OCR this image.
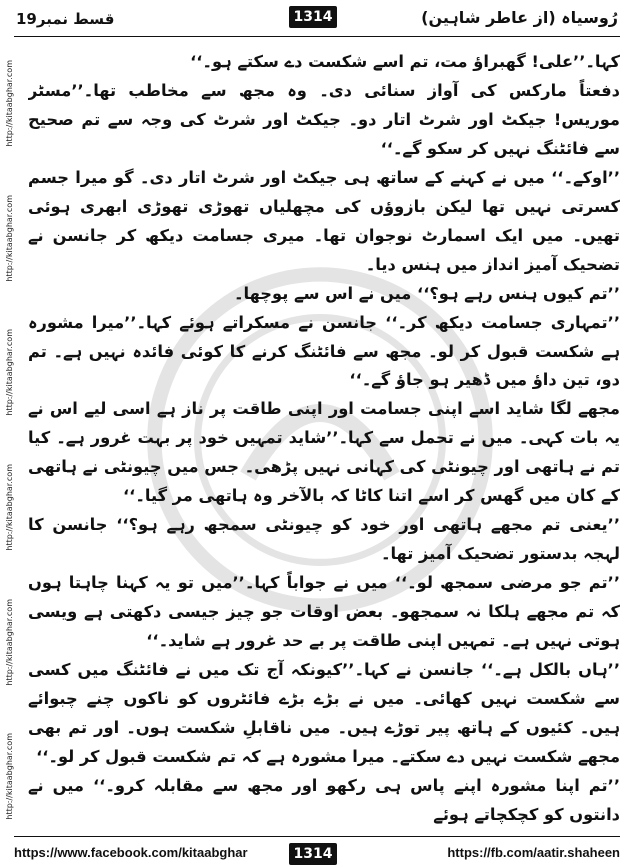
قسط نمبر19	1314	رُوسیاہ (از عاطر شاہین)
http://kitaabghar.com
http://kitaabghar.com
http://kitaabghar.com
http://kitaabghar.com
http://kitaabghar.com
http://kitaabghar.com

کہا۔’’علی! گھبراؤ مت، تم اسے شکست دے سکتے ہو۔‘‘

دفعتاً مارکس کی آواز سنائی دی۔ وہ مجھ سے مخاطب تھا۔’’مسٹر موریس! جیکٹ اور شرٹ اتار دو۔ جیکٹ اور شرٹ کی وجہ سے تم صحیح سے فائٹنگ نہیں کر سکو گے۔‘‘

’’اوکے۔‘‘ میں نے کہنے کے ساتھ ہی جیکٹ اور شرٹ اتار دی۔ گو میرا جسم کسرتی نہیں تھا لیکن بازوؤں کی مچھلیاں تھوڑی تھوڑی ابھری ہوئی تھیں۔ میں ایک اسمارٹ نوجوان تھا۔ میری جسامت دیکھ کر جانسن نے تضحیک آمیز انداز میں ہنس دیا۔

’’تم کیوں ہنس رہے ہو؟‘‘ میں نے اس سے پوچھا۔

’’تمہاری جسامت دیکھ کر۔‘‘ جانسن نے مسکراتے ہوئے کہا۔’’میرا مشورہ ہے شکست قبول کر لو۔ مجھ سے فائٹنگ کرنے کا کوئی فائدہ نہیں ہے۔ تم دو، تین داؤ میں ڈھیر ہو جاؤ گے۔‘‘

مجھے لگا شاید اسے اپنی جسامت اور اپنی طاقت پر ناز ہے اسی لیے اس نے یہ بات کہی۔ میں نے تحمل سے کہا۔’’شاید تمہیں خود پر بہت غرور ہے۔ کیا تم نے ہاتھی اور چیونٹی کی کہانی نہیں پڑھی۔ جس میں چیونٹی نے ہاتھی کے کان میں گھس کر اسے اتنا کاٹا کہ بالآخر وہ ہاتھی مر گیا۔‘‘

’’یعنی تم مجھے ہاتھی اور خود کو چیونٹی سمجھ رہے ہو؟‘‘ جانسن کا لہجہ بدستور تضحیک آمیز تھا۔

’’تم جو مرضی سمجھ لو۔‘‘ میں نے جواباً کہا۔’’میں تو یہ کہنا چاہتا ہوں کہ تم مجھے ہلکا نہ سمجھو۔ بعض اوقات جو چیز جیسی دکھتی ہے ویسی ہوتی نہیں ہے۔ تمہیں اپنی طاقت پر بے حد غرور ہے شاید۔‘‘

’’ہاں بالکل ہے۔‘‘ جانسن نے کہا۔’’کیونکہ آج تک میں نے فائٹنگ میں کسی سے شکست نہیں کھائی۔ میں نے بڑے بڑے فائٹروں کو ناکوں چنے چبوائے ہیں۔ کئیوں کے ہاتھ پیر توڑے ہیں۔ میں ناقابلِ شکست ہوں۔ اور تم بھی مجھے شکست نہیں دے سکتے۔ میرا مشورہ ہے کہ تم شکست قبول کر لو۔‘‘

’’تم اپنا مشورہ اپنے پاس ہی رکھو اور مجھ سے مقابلہ کرو۔‘‘ میں نے دانتوں کو کچکچاتے ہوئے

https://www.facebook.com/kitaabghar	1314	https://fb.com/aatir.shaheen
